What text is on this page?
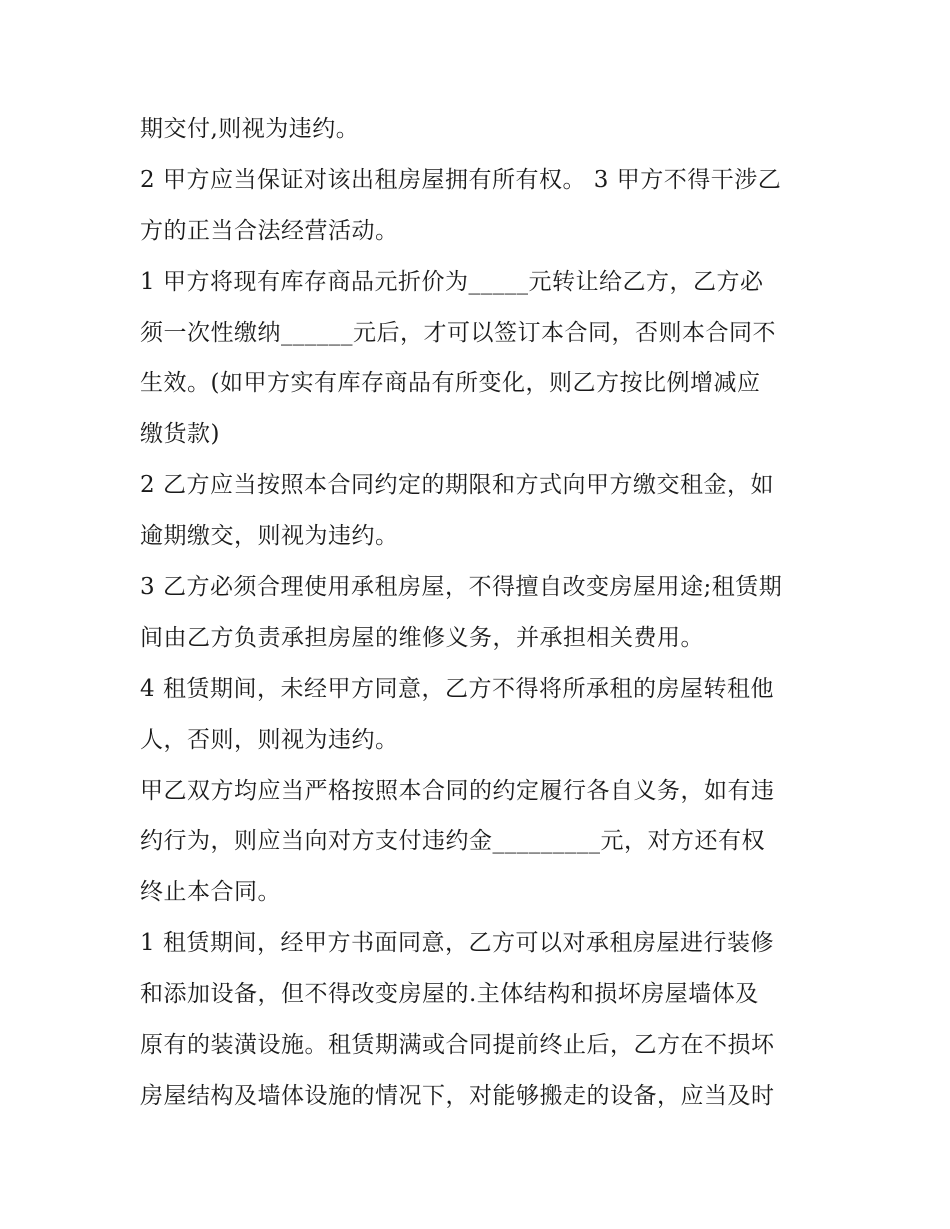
期交付,则视为违约。
2 甲方应当保证对该出租房屋拥有所有权。 3 甲方不得干涉乙
方的正当合法经营活动。
1 甲方将现有库存商品元折价为_____元转让给乙方，乙方必
须一次性缴纳______元后，才可以签订本合同，否则本合同不
生效。(如甲方实有库存商品有所变化，则乙方按比例增减应
缴货款)
2 乙方应当按照本合同约定的期限和方式向甲方缴交租金，如
逾期缴交，则视为违约。
3 乙方必须合理使用承租房屋，不得擅自改变房屋用途;租赁期
间由乙方负责承担房屋的维修义务，并承担相关费用。
4 租赁期间，未经甲方同意，乙方不得将所承租的房屋转租他
人，否则，则视为违约。
甲乙双方均应当严格按照本合同的约定履行各自义务，如有违
约行为，则应当向对方支付违约金_________元，对方还有权
终止本合同。
1 租赁期间，经甲方书面同意，乙方可以对承租房屋进行装修
和添加设备，但不得改变房屋的.主体结构和损坏房屋墙体及
原有的装潢设施。租赁期满或合同提前终止后，乙方在不损坏
房屋结构及墙体设施的情况下，对能够搬走的设备，应当及时
